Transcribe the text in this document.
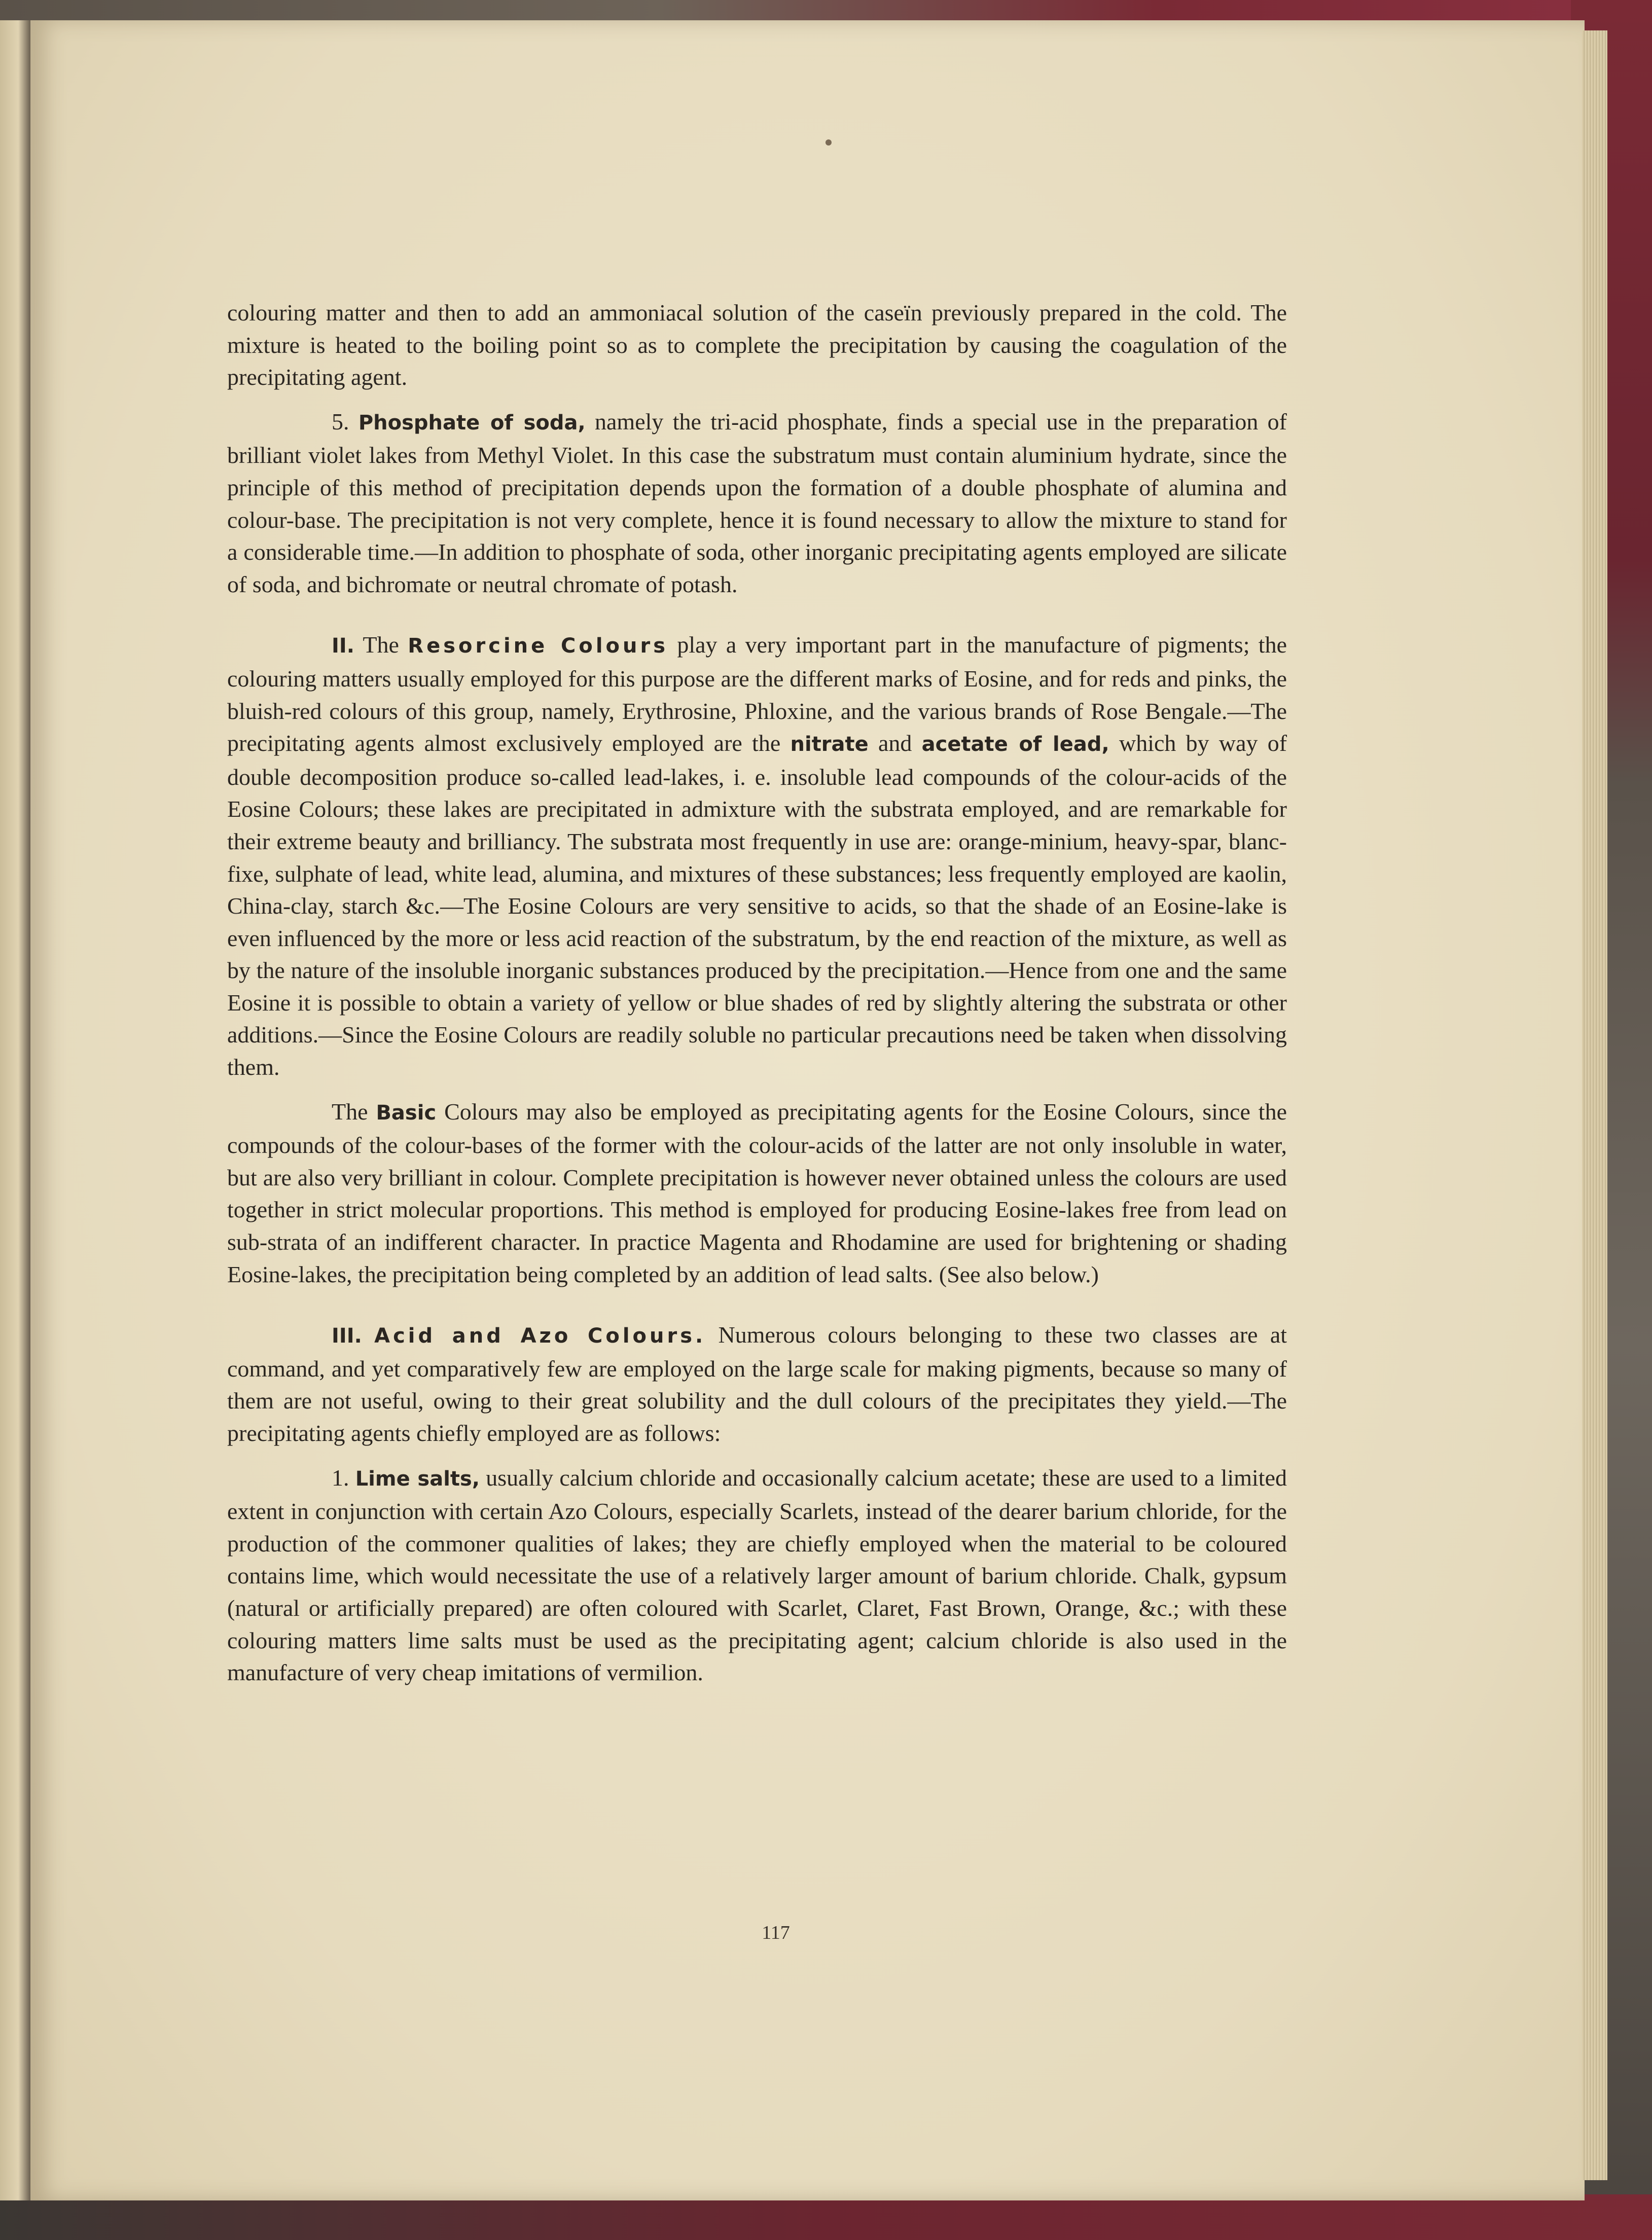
colouring matter and then to add an ammoniacal solution of the caseïn previously prepared in the cold. The mixture is heated to the boiling point so as to complete the precipitation by causing the coagulation of the precipitating agent.

5. Phosphate of soda, namely the tri-acid phosphate, finds a special use in the preparation of brilliant violet lakes from Methyl Violet. In this case the substratum must contain aluminium hydrate, since the principle of this method of precipitation depends upon the formation of a double phosphate of alumina and colour-base. The precipitation is not very complete, hence it is found necessary to allow the mixture to stand for a considerable time.—In addition to phosphate of soda, other inorganic precipitating agents employed are silicate of soda, and bichromate or neutral chromate of potash.

II. The Resorcine Colours play a very important part in the manufacture of pigments; the colouring matters usually employed for this purpose are the different marks of Eosine, and for reds and pinks, the bluish-red colours of this group, namely, Erythrosine, Phloxine, and the various brands of Rose Bengale.—The precipitating agents almost exclusively employed are the nitrate and acetate of lead, which by way of double decomposition produce so-called lead-lakes, i. e. insoluble lead compounds of the colour-acids of the Eosine Colours; these lakes are precipitated in admixture with the substrata employed, and are remarkable for their extreme beauty and brilliancy. The substrata most frequently in use are: orange-minium, heavy-spar, blanc-fixe, sulphate of lead, white lead, alumina, and mixtures of these substances; less frequently employed are kaolin, China-clay, starch &c.—The Eosine Colours are very sensitive to acids, so that the shade of an Eosine-lake is even influenced by the more or less acid reaction of the substratum, by the end reaction of the mixture, as well as by the nature of the insoluble inorganic substances produced by the precipitation.—Hence from one and the same Eosine it is possible to obtain a variety of yellow or blue shades of red by slightly altering the substrata or other additions.—Since the Eosine Colours are readily soluble no particular precautions need be taken when dissolving them.

The Basic Colours may also be employed as precipitating agents for the Eosine Colours, since the compounds of the colour-bases of the former with the colour-acids of the latter are not only insoluble in water, but are also very brilliant in colour. Complete precipitation is however never obtained unless the colours are used together in strict molecular proportions. This method is employed for producing Eosine-lakes free from lead on sub-strata of an indifferent character. In practice Magenta and Rhodamine are used for brightening or shading Eosine-lakes, the precipitation being completed by an addition of lead salts. (See also below.)

III. Acid and Azo Colours. Numerous colours belonging to these two classes are at command, and yet comparatively few are employed on the large scale for making pigments, because so many of them are not useful, owing to their great solubility and the dull colours of the precipitates they yield.—The precipitating agents chiefly employed are as follows:

1. Lime salts, usually calcium chloride and occasionally calcium acetate; these are used to a limited extent in conjunction with certain Azo Colours, especially Scarlets, instead of the dearer barium chloride, for the production of the commoner qualities of lakes; they are chiefly employed when the material to be coloured contains lime, which would necessitate the use of a relatively larger amount of barium chloride. Chalk, gypsum (natural or artificially prepared) are often coloured with Scarlet, Claret, Fast Brown, Orange, &c.; with these colouring matters lime salts must be used as the precipitating agent; calcium chloride is also used in the manufacture of very cheap imitations of vermilion.

117
